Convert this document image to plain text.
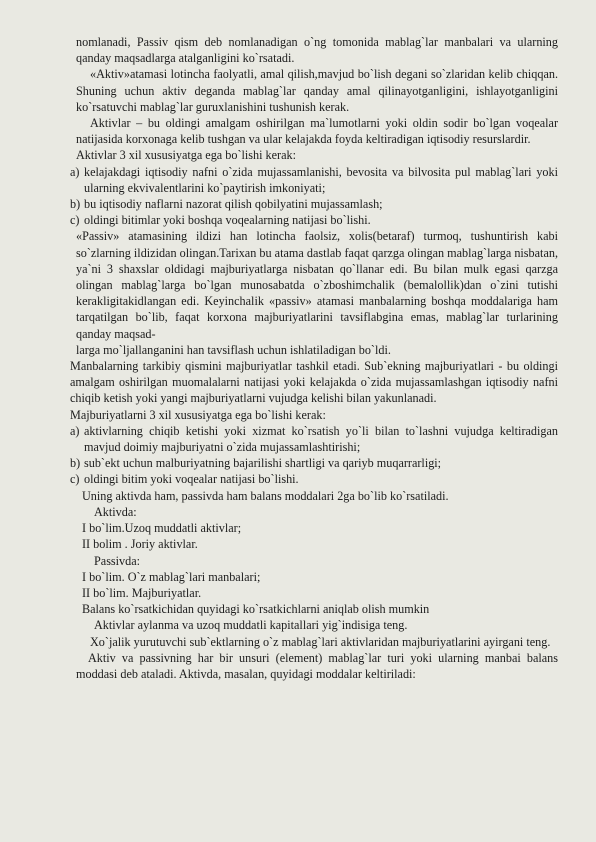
nomlanadi, Passiv qism deb nomlanadigan o`ng tomonida mablag`lar manbalari va ularning qanday maqsadlarga atalganligini ko`rsatadi.

«Aktiv»atamasi lotincha faolyatli, amal qilish,mavjud bo`lish degani so`zlaridan kelib chiqqan. Shuning uchun aktiv deganda mablag`lar qanday amal qilinayotganligini, ishlayotganligini ko`rsatuvchi mablag`lar guruxlanishini tushunish kerak.

Aktivlar – bu oldingi amalgam oshirilgan ma`lumotlarni yoki oldin sodir bo`lgan voqealar natijasida korxonaga kelib tushgan va ular kelajakda foyda keltiradigan iqtisodiy resurslardir.

Aktivlar 3 xil xususiyatga ega bo`lishi kerak:

a) kelajakdagi iqtisodiy nafni o`zida mujassamlanishi, bevosita va bilvosita pul mablag`lari yoki ularning ekvivalentlarini ko`paytirish imkoniyati;
b) bu iqtisodiy naflarni nazorat qilish qobilyatini mujassamlash;
c) oldingi bitimlar yoki boshqa voqealarning natijasi bo`lishi.

«Passiv» atamasining ildizi han lotincha faolsiz, xolis(betaraf) turmoq, tushuntirish kabi so`zlarning ildizidan olingan.Tarixan bu atama dastlab faqat qarzga olingan mablag`larga nisbatan, ya`ni 3 shaxslar oldidagi majburiyatlarga nisbatan qo`llanar edi. Bu bilan mulk egasi qarzga olingan mablag`larga bo`lgan munosabatda o`zboshimchalik (bemalollik)dan o`zini tutishi kerakligitakidlangan edi. Keyinchalik «passiv» atamasi manbalarning boshqa moddalariga ham tarqatilgan bo`lib, faqat korxona majburiyatlarini tavsiflabgina emas, mablag`lar turlarining qanday maqsad-

larga mo`ljallanganini han tavsiflash uchun ishlatiladigan bo`ldi.

Manbalarning tarkibiy qismini majburiyatlar tashkil etadi. Sub`ekning majburiyatlari - bu oldingi amalgam oshirilgan muomalalarni natijasi yoki kelajakda o`zida mujassamlashgan iqtisodiy nafni chiqib ketish yoki yangi majburiyatlarni vujudga kelishi bilan yakunlanadi.

Majburiyatlarni 3 xil xususiyatga ega bo`lishi kerak:

a) aktivlarning chiqib ketishi yoki xizmat ko`rsatish yo`li bilan to`lashni vujudga keltiradigan mavjud doimiy majburiyatni o`zida mujassamlashtirishi;
b) sub`ekt uchun malburiyatning bajarilishi shartligi va qariyb muqarrarligi;
c) oldingi bitim yoki voqealar natijasi bo`lishi.

Uning aktivda ham, passivda ham balans moddalari 2ga bo`lib ko`rsatiladi.

Aktivda:

I bo`lim.Uzoq muddatli aktivlar;

II bolim . Joriy aktivlar.

Passivda:

I bo`lim. O`z mablag`lari manbalari;

II bo`lim. Majburiyatlar.

Balans ko`rsatkichidan quyidagi ko`rsatkichlarni aniqlab olish mumkin

Aktivlar aylanma va uzoq muddatli kapitallari yig`indisiga teng.

Xo`jalik yurutuvchi sub`ektlarning o`z mablag`lari aktivlaridan majburiyatlarini ayirgani teng.

Aktiv va passivning har bir unsuri (element) mablag`lar turi yoki ularning manbai balans moddasi deb ataladi. Aktivda, masalan, quyidagi moddalar keltiriladi:
